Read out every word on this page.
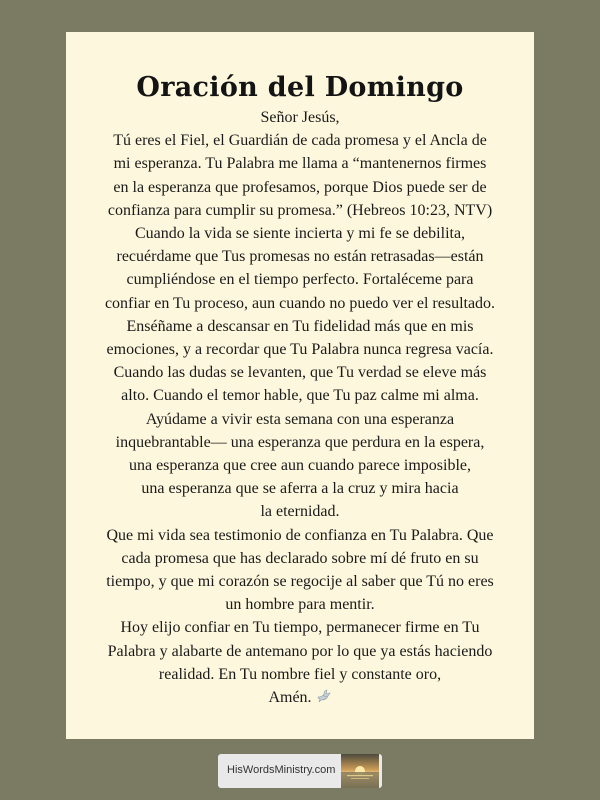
Oración del Domingo
Señor Jesús,
Tú eres el Fiel, el Guardián de cada promesa y el Ancla de
mi esperanza. Tu Palabra me llama a “mantenernos firmes
en la esperanza que profesamos, porque Dios puede ser de
confianza para cumplir su promesa.” (Hebreos 10:23, NTV)
Cuando la vida se siente incierta y mi fe se debilita,
recuérdame que Tus promesas no están retrasadas—están
cumpliéndose en el tiempo perfecto. Fortaléceme para
confiar en Tu proceso, aun cuando no puedo ver el resultado.
Enséñame a descansar en Tu fidelidad más que en mis
emociones, y a recordar que Tu Palabra nunca regresa vacía.
Cuando las dudas se levanten, que Tu verdad se eleve más
alto. Cuando el temor hable, que Tu paz calme mi alma.
Ayúdame a vivir esta semana con una esperanza
inquebrantable— una esperanza que perdura en la espera,
una esperanza que cree aun cuando parece imposible,
una esperanza que se aferra a la cruz y mira hacia
la eternidad.
Que mi vida sea testimonio de confianza en Tu Palabra. Que
cada promesa que has declarado sobre mí dé fruto en su
tiempo, y que mi corazón se regocije al saber que Tú no eres
un hombre para mentir.
Hoy elijo confiar en Tu tiempo, permanecer firme en Tu
Palabra y alabarte de antemano por lo que ya estás haciendo
realidad. En Tu nombre fiel y constante oro,
Amén.
HisWordsMinistry.com
